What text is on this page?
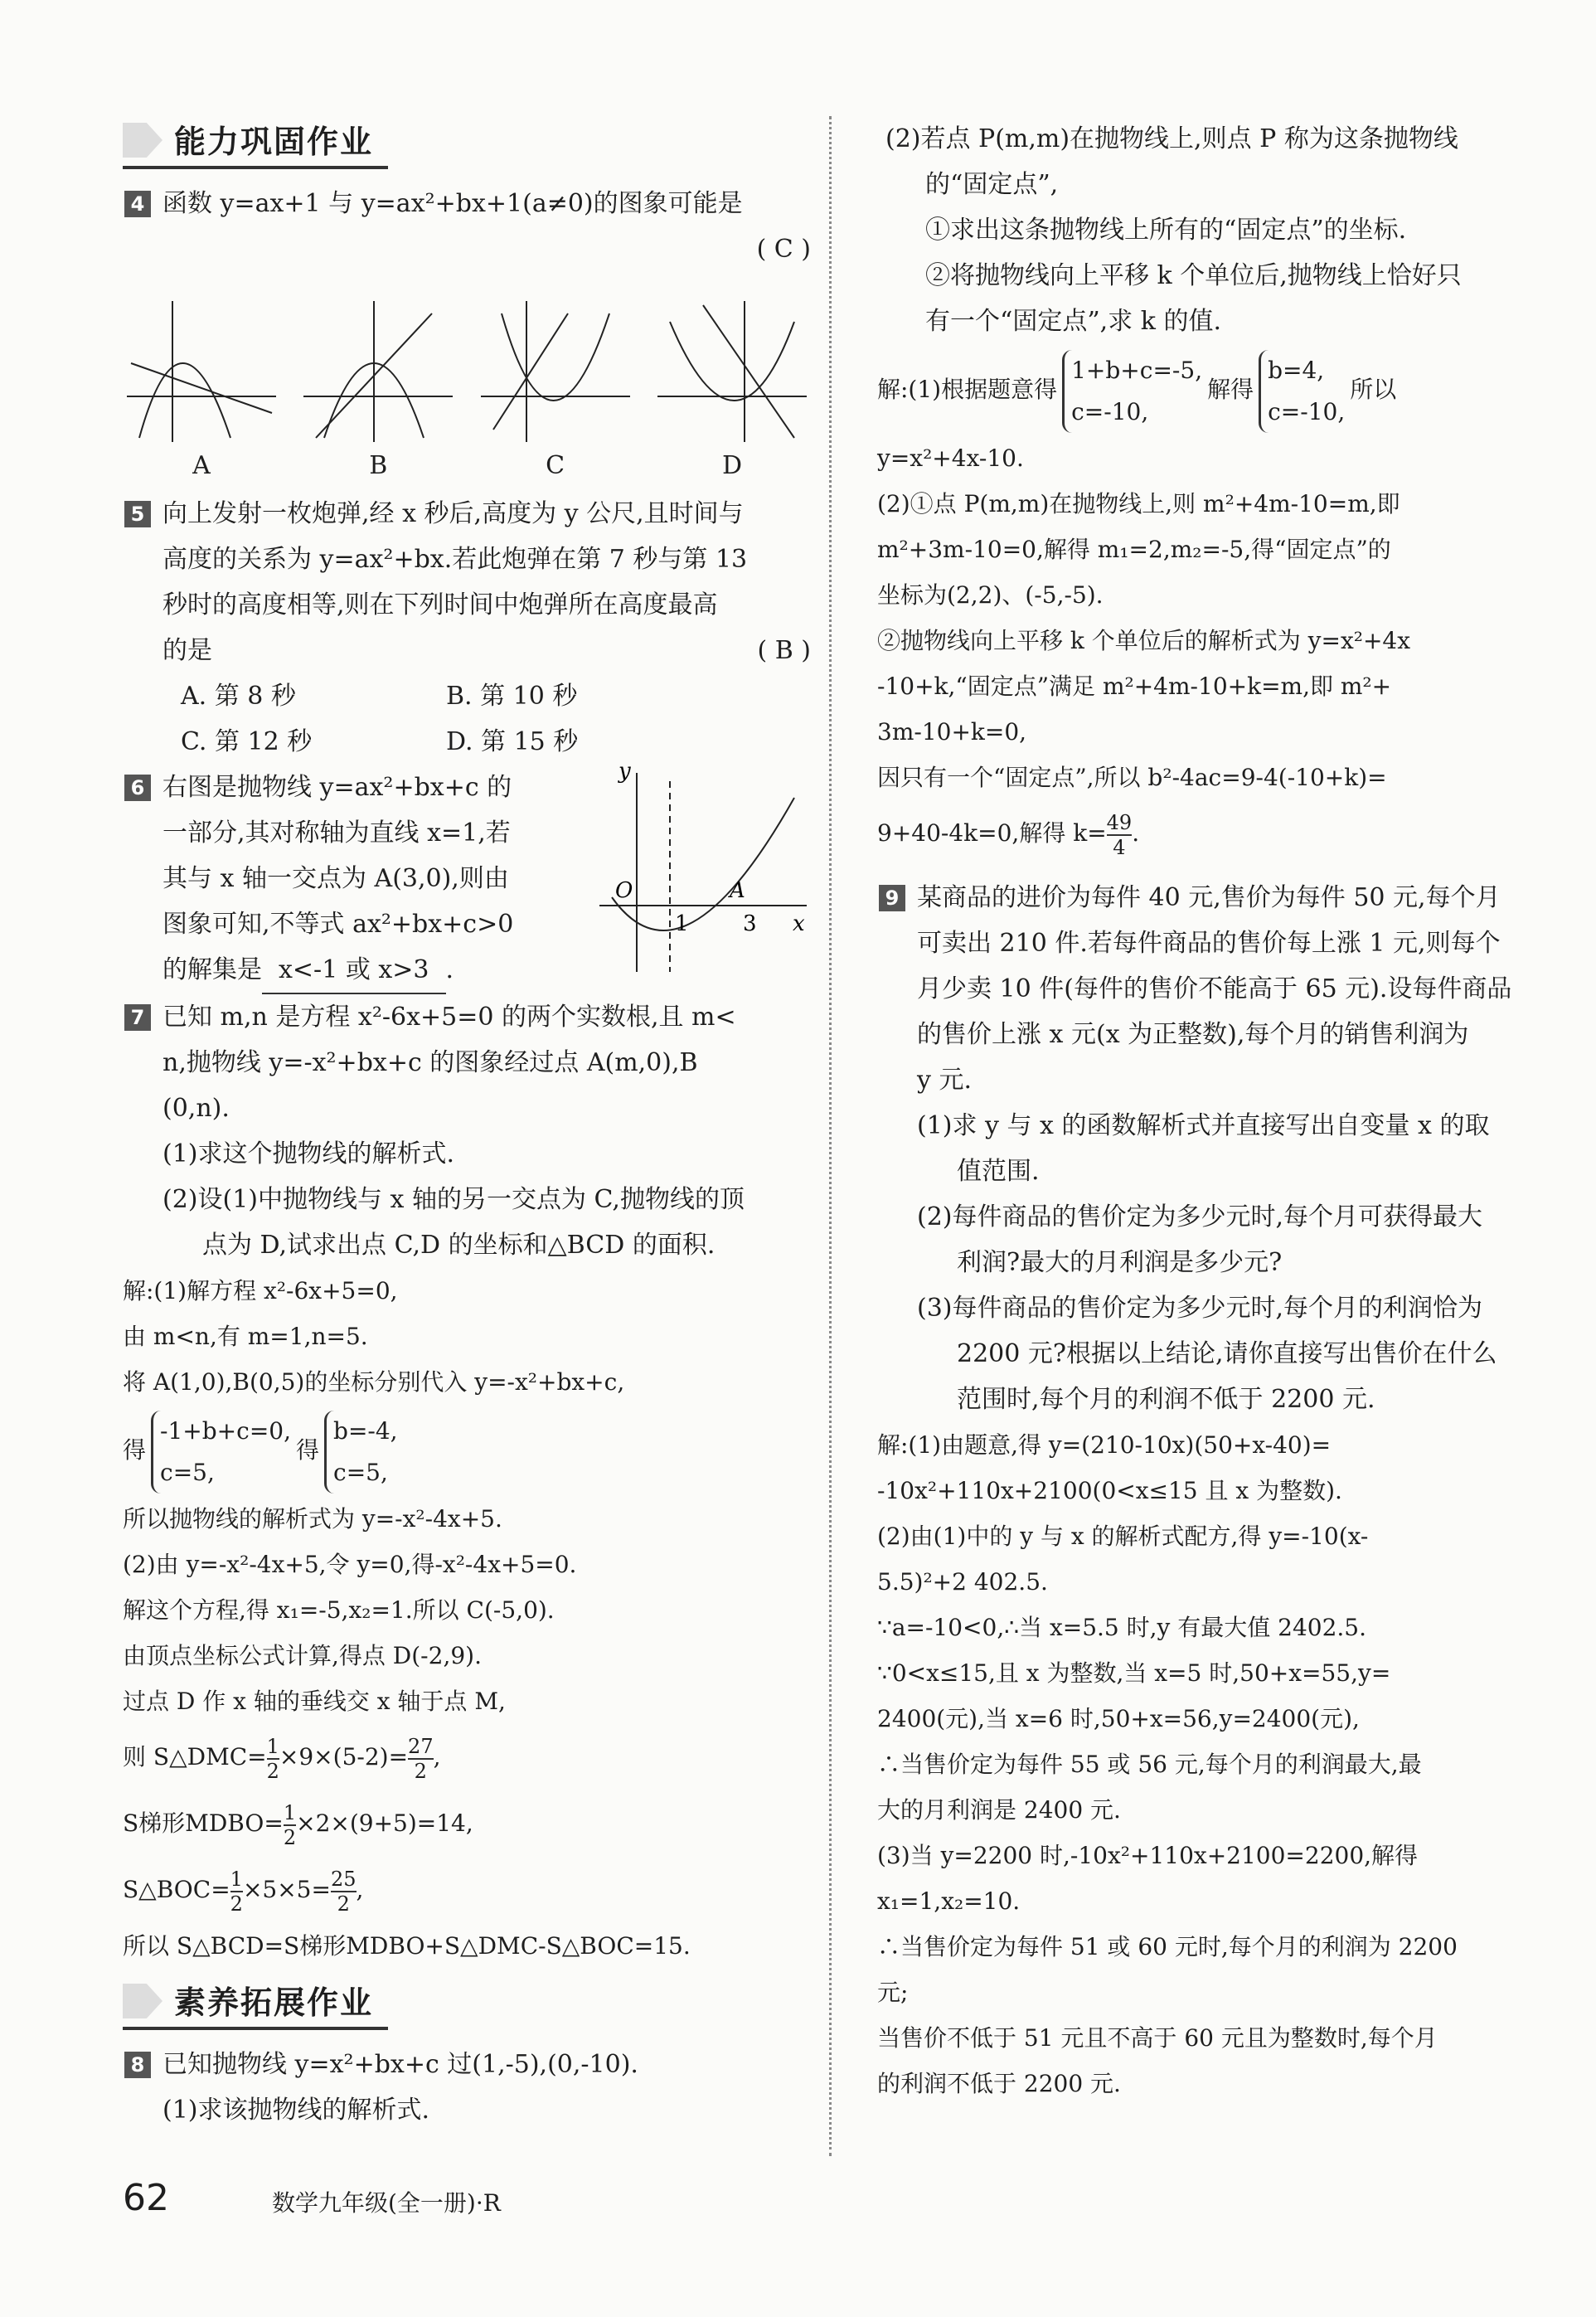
能力巩固作业
4 函数 y=ax+1 与 y=ax²+bx+1(a≠0)的图象可能是
( C )
A	B	C	D
5 向上发射一枚炮弹,经 x 秒后,高度为 y 公尺,且时间与
高度的关系为 y=ax²+bx.若此炮弹在第 7 秒与第 13
秒时的高度相等,则在下列时间中炮弹所在高度最高
的是	( B )
A. 第 8 秒	B. 第 10 秒
C. 第 12 秒	D. 第 15 秒
6 右图是抛物线 y=ax²+bx+c 的
一部分,其对称轴为直线 x=1,若
其与 x 轴一交点为 A(3,0),则由
图象可知,不等式 ax²+bx+c>0
的解集是 x<-1 或 x>3 .
y
x
O
1	3
A
7 已知 m,n 是方程 x²-6x+5=0 的两个实数根,且 m<
n,抛物线 y=-x²+bx+c 的图象经过点 A(m,0),B
(0,n).
(1)求这个抛物线的解析式.
(2)设(1)中抛物线与 x 轴的另一交点为 C,抛物线的顶
点为 D,试求出点 C,D 的坐标和△BCD 的面积.
解:(1)解方程 x²-6x+5=0,
由 m<n,有 m=1,n=5.
将 A(1,0),B(0,5)的坐标分别代入 y=-x²+bx+c,
得
-1+b+c=0,
c=5,
得
b=-4,
c=5,
所以抛物线的解析式为 y=-x²-4x+5.
(2)由 y=-x²-4x+5,令 y=0,得-x²-4x+5=0.
解这个方程,得 x₁=-5,x₂=1.所以 C(-5,0).
由顶点坐标公式计算,得点 D(-2,9).
过点 D 作 x 轴的垂线交 x 轴于点 M,
则 S△DMC= $\frac{1}{2} \times 9\times(5-2)= \frac{27}{2}$ ,
S梯形MDBO= $\frac{1}{2} \times 2\times(9+5)=14$,
S△BOC= $\frac{1}{2} \times 5\times 5= \frac{25}{2}$ ,
所以 S△BCD=S梯形MDBO+S△DMC-S△BOC=15.
素养拓展作业
8 已知抛物线 y=x²+bx+c 过(1,-5),(0,-10).
(1)求该抛物线的解析式.
(2)若点 P(m,m)在抛物线上,则点 P 称为这条抛物线
的“固定点”,
①求出这条抛物线上所有的“固定点”的坐标.
②将抛物线向上平移 k 个单位后,抛物线上恰好只
有一个“固定点”,求 k 的值.
解:(1)根据题意得
1+b+c=-5,
c=-10,
解得
b=4,
c=-10,
所以
y=x²+4x-10.
(2)①点 P(m,m)在抛物线上,则 m²+4m-10=m,即
m²+3m-10=0,解得 m₁=2,m₂=-5,得“固定点”的
坐标为(2,2)、(-5,-5).
②抛物线向上平移 k 个单位后的解析式为 y=x²+4x
-10+k,“固定点”满足 m²+4m-10+k=m,即 m²+
3m-10+k=0,
因只有一个“固定点”,所以 b²-4ac=9-4(-10+k)=
9+40-4k=0,解得 $k= \frac{49}{4}$ .
9 某商品的进价为每件 40 元,售价为每件 50 元,每个月
可卖出 210 件.若每件商品的售价每上涨 1 元,则每个
月少卖 10 件(每件的售价不能高于 65 元).设每件商品
的售价上涨 x 元(x 为正整数),每个月的销售利润为
y 元.
(1)求 y 与 x 的函数解析式并直接写出自变量 x 的取
值范围.
(2)每件商品的售价定为多少元时,每个月可获得最大
利润?最大的月利润是多少元?
(3)每件商品的售价定为多少元时,每个月的利润恰为
2200 元?根据以上结论,请你直接写出售价在什么
范围时,每个月的利润不低于 2200 元.
解:(1)由题意,得 y=(210-10x)(50+x-40)=
-10x²+110x+2100(0<x≤15 且 x 为整数).
(2)由(1)中的 y 与 x 的解析式配方,得 y=-10(x-
5.5)²+2 402.5.
∵a=-10<0,∴当 x=5.5 时,y 有最大值 2402.5.
∵0<x≤15,且 x 为整数,当 x=5 时,50+x=55,y=
2400(元),当 x=6 时,50+x=56,y=2400(元),
∴当售价定为每件 55 或 56 元,每个月的利润最大,最
大的月利润是 2400 元.
(3)当 y=2200 时,-10x²+110x+2100=2200,解得
x₁=1,x₂=10.
∴当售价定为每件 51 或 60 元时,每个月的利润为 2200
元;
当售价不低于 51 元且不高于 60 元且为整数时,每个月
的利润不低于 2200 元.
62	数学九年级(全一册)·R
